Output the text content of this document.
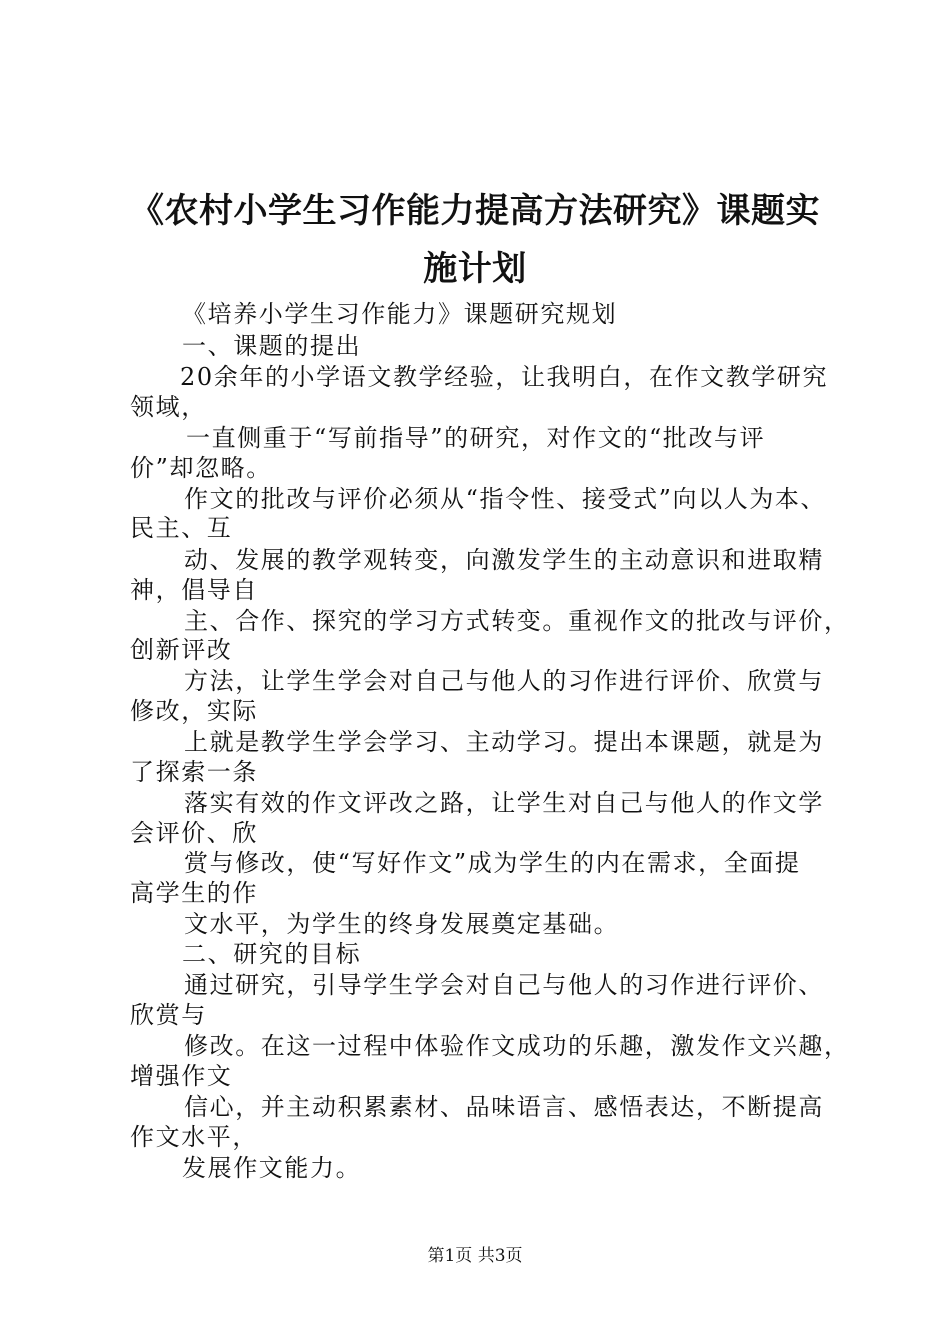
《农村小学生习作能力提高方法研究》课题实
施计划
《培养小学生习作能力》课题研究规划
一、课题的提出
20余年的小学语文教学经验，让我明白，在作文教学研究
领域，
一直侧重于“写前指导”的研究，对作文的“批改与评
价”却忽略。
作文的批改与评价必须从“指令性、接受式”向以人为本、
民主、互
动、发展的教学观转变，向激发学生的主动意识和进取精
神，倡导自
主、合作、探究的学习方式转变。重视作文的批改与评价，
创新评改
方法，让学生学会对自己与他人的习作进行评价、欣赏与
修改，实际
上就是教学生学会学习、主动学习。提出本课题，就是为
了探索一条
落实有效的作文评改之路，让学生对自己与他人的作文学
会评价、欣
赏与修改，使“写好作文”成为学生的内在需求，全面提
高学生的作
文水平，为学生的终身发展奠定基础。
二、研究的目标
通过研究，引导学生学会对自己与他人的习作进行评价、
欣赏与
修改。在这一过程中体验作文成功的乐趣，激发作文兴趣，
增强作文
信心，并主动积累素材、品味语言、感悟表达，不断提高
作文水平，
发展作文能力。
第1页 共3页
